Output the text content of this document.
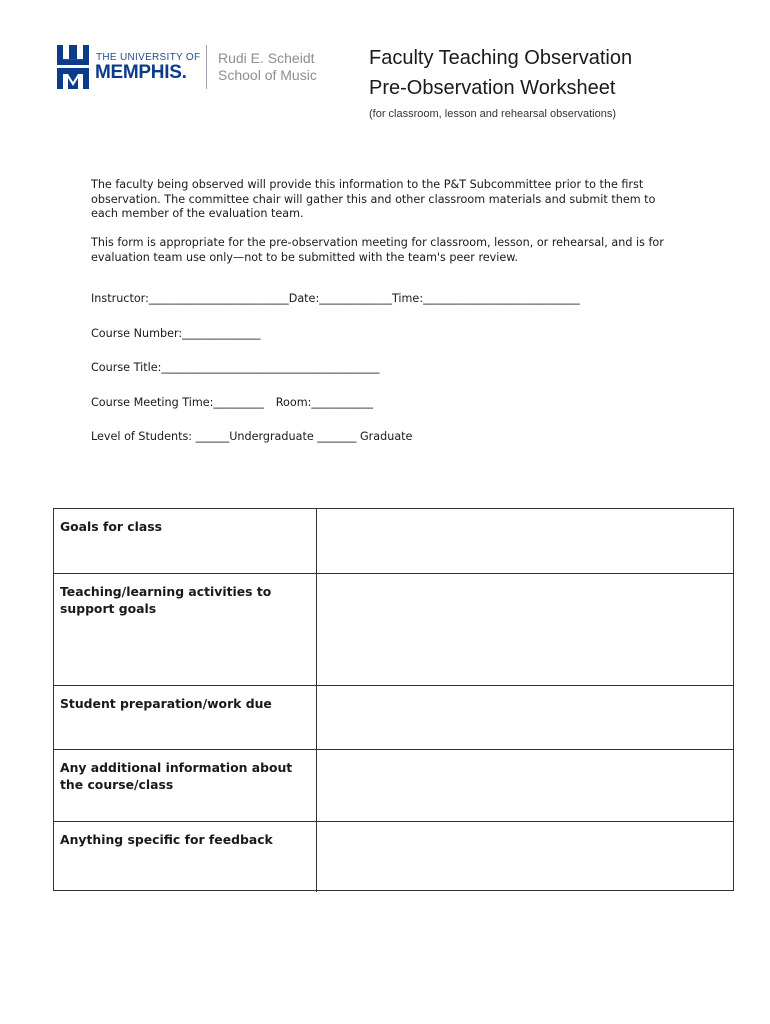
THE UNIVERSITY OF
MEMPHIS.
Rudi E. Scheidt
School of Music
Faculty Teaching Observation
Pre-Observation Worksheet
(for classroom, lesson and rehearsal observations)
The faculty being observed will provide this information to the P&T Subcommittee prior to the first observation. The committee chair will gather this and other classroom materials and submit them to each member of the evaluation team.
This form is appropriate for the pre-observation meeting for classroom, lesson, or rehearsal, and is for evaluation team use only—not to be submitted with the team's peer review.
Instructor:_________________________Date:_____________Time:____________________________
Course Number:______________
Course Title:_______________________________________
Course Meeting Time:_________ Room:___________
Level of Students: ______Undergraduate _______ Graduate
Goals for class
Teaching/learning activities to support goals
Student preparation/work due
Any additional information about the course/class
Anything specific for feedback
